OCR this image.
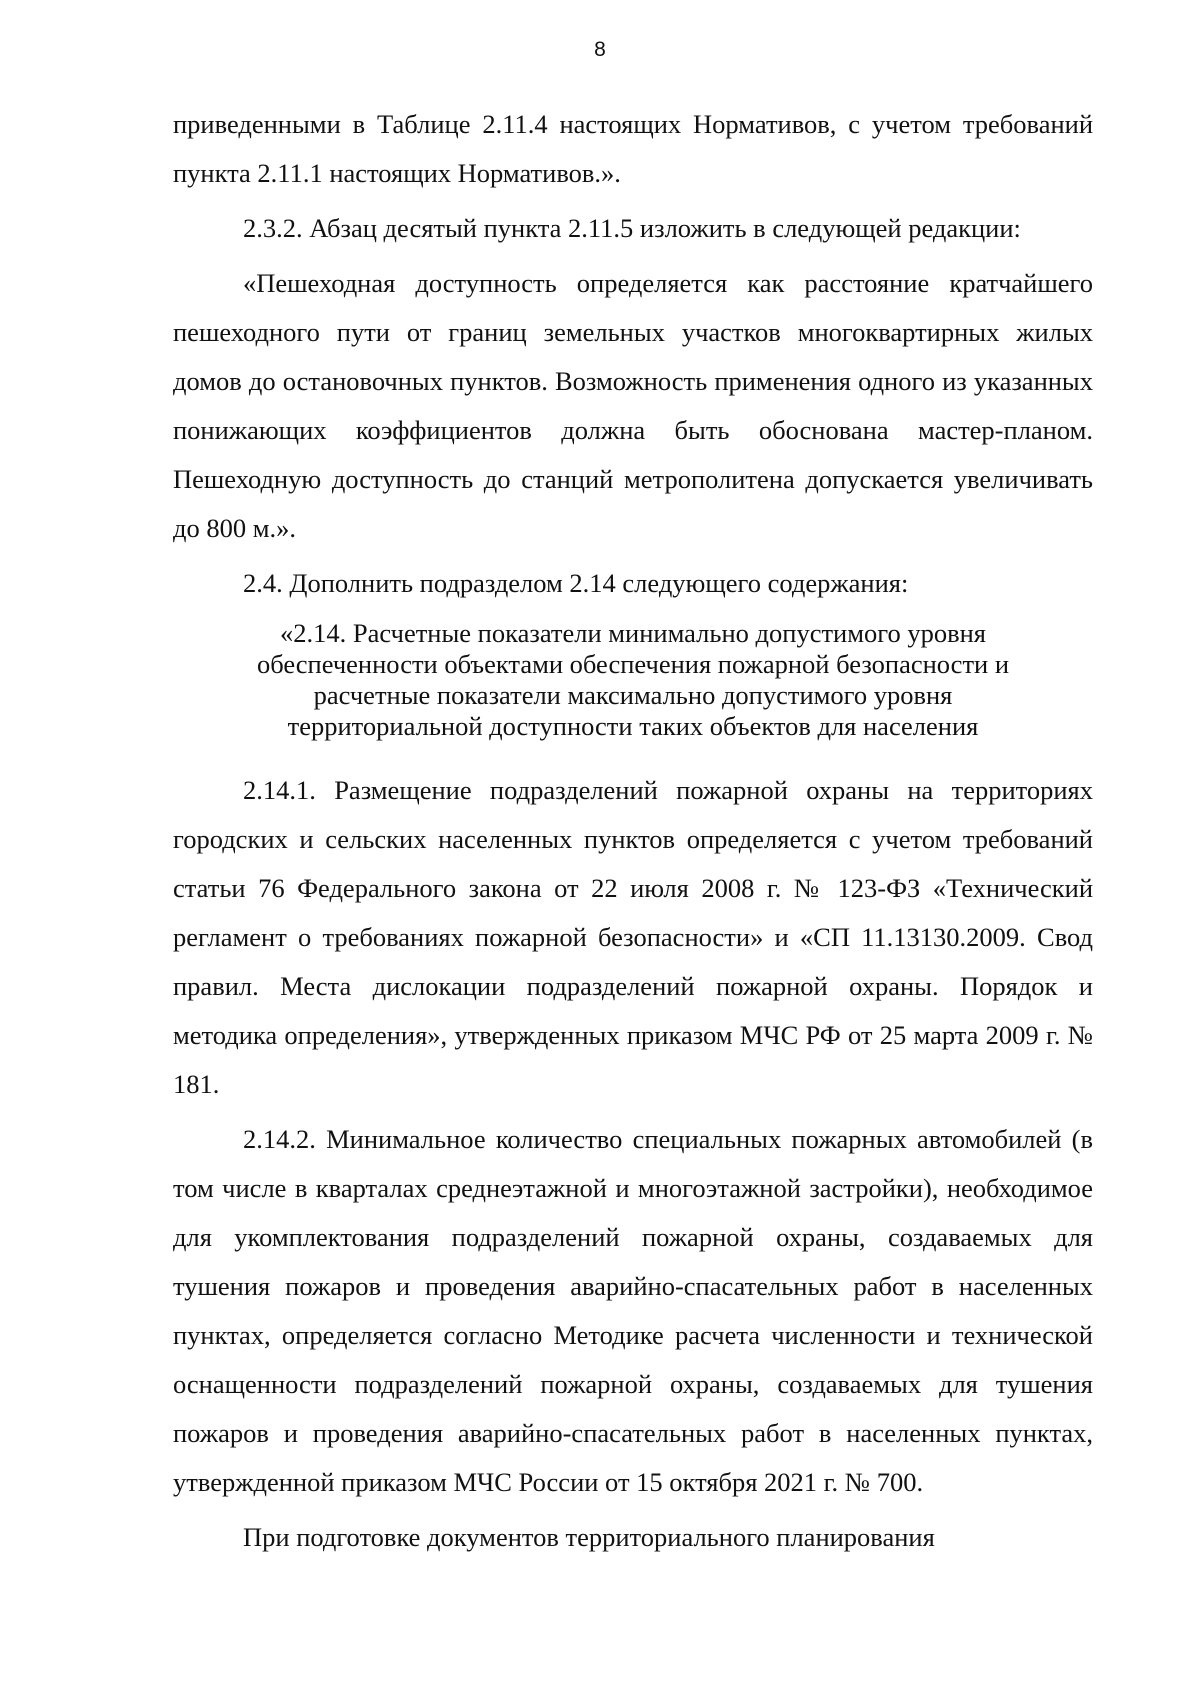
8

приведенными в Таблице 2.11.4 настоящих Нормативов, с учетом требований пункта 2.11.1 настоящих Нормативов.».

2.3.2. Абзац десятый пункта 2.11.5 изложить в следующей редакции:

«Пешеходная доступность определяется как расстояние кратчайшего пешеходного пути от границ земельных участков многоквартирных жилых домов до остановочных пунктов. Возможность применения одного из указанных понижающих коэффициентов должна быть обоснована мастер-планом. Пешеходную доступность до станций метрополитена допускается увеличивать до 800 м.».

2.4. Дополнить подразделом 2.14 следующего содержания:

«2.14. Расчетные показатели минимально допустимого уровня
обеспеченности объектами обеспечения пожарной безопасности и
расчетные показатели максимально допустимого уровня
территориальной доступности таких объектов для населения

2.14.1. Размещение подразделений пожарной охраны на территориях городских и сельских населенных пунктов определяется с учетом требований статьи 76 Федерального закона от 22 июля 2008 г. № 123-ФЗ «Технический регламент о требованиях пожарной безопасности» и «СП 11.13130.2009. Свод правил. Места дислокации подразделений пожарной охраны. Порядок и методика определения», утвержденных приказом МЧС РФ от 25 марта 2009 г. № 181.

2.14.2. Минимальное количество специальных пожарных автомобилей (в том числе в кварталах среднеэтажной и многоэтажной застройки), необходимое для укомплектования подразделений пожарной охраны, создаваемых для тушения пожаров и проведения аварийно-спасательных работ в населенных пунктах, определяется согласно Методике расчета численности и технической оснащенности подразделений пожарной охраны, создаваемых для тушения пожаров и проведения аварийно-спасательных работ в населенных пунктах, утвержденной приказом МЧС России от 15 октября 2021 г. № 700.

При подготовке документов территориального планирования
